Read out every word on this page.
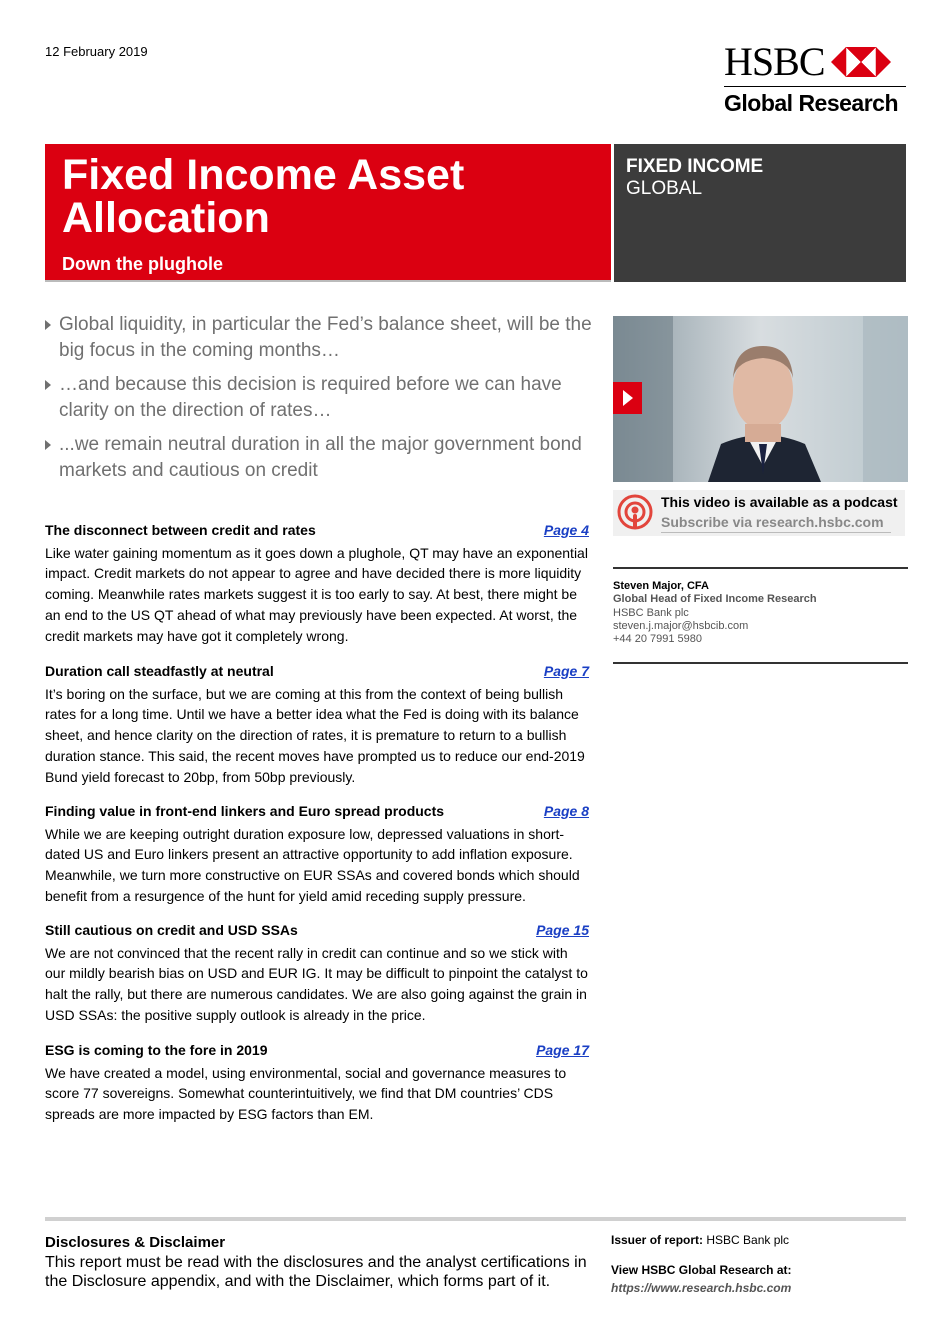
12 February 2019	HSBC
Global Research
Fixed Income Asset
Allocation
Down the plughole
FIXED INCOME
GLOBAL
Global liquidity, in particular the Fed’s balance sheet, will be the big focus in the coming months…
…and because this decision is required before we can have clarity on the direction of rates…
...we remain neutral duration in all the major government bond markets and cautious on credit
The disconnect between credit and rates	Page 4
Like water gaining momentum as it goes down a plughole, QT may have an exponential impact. Credit markets do not appear to agree and have decided there is more liquidity coming. Meanwhile rates markets suggest it is too early to say. At best, there might be an end to the US QT ahead of what may previously have been expected. At worst, the credit markets may have got it completely wrong.
Duration call steadfastly at neutral	Page 7
It’s boring on the surface, but we are coming at this from the context of being bullish rates for a long time. Until we have a better idea what the Fed is doing with its balance sheet, and hence clarity on the direction of rates, it is premature to return to a bullish duration stance. This said, the recent moves have prompted us to reduce our end-2019 Bund yield forecast to 20bp, from 50bp previously.
Finding value in front-end linkers and Euro spread products	Page 8
While we are keeping outright duration exposure low, depressed valuations in short-dated US and Euro linkers present an attractive opportunity to add inflation exposure. Meanwhile, we turn more constructive on EUR SSAs and covered bonds which should benefit from a resurgence of the hunt for yield amid receding supply pressure.
Still cautious on credit and USD SSAs	Page 15
We are not convinced that the recent rally in credit can continue and so we stick with our mildly bearish bias on USD and EUR IG. It may be difficult to pinpoint the catalyst to halt the rally, but there are numerous candidates. We are also going against the grain in USD SSAs: the positive supply outlook is already in the price.
ESG is coming to the fore in 2019	Page 17
We have created a model, using environmental, social and governance measures to score 77 sovereigns. Somewhat counterintuitively, we find that DM countries’ CDS spreads are more impacted by ESG factors than EM.
This video is available as a podcast
Subscribe via research.hsbc.com
Steven Major, CFA
Global Head of Fixed Income Research
HSBC Bank plc
steven.j.major@hsbcib.com
+44 20 7991 5980
Disclosures & Disclaimer
This report must be read with the disclosures and the analyst certifications in the Disclosure appendix, and with the Disclaimer, which forms part of it.
Issuer of report: HSBC Bank plc
View HSBC Global Research at:
https://www.research.hsbc.com
